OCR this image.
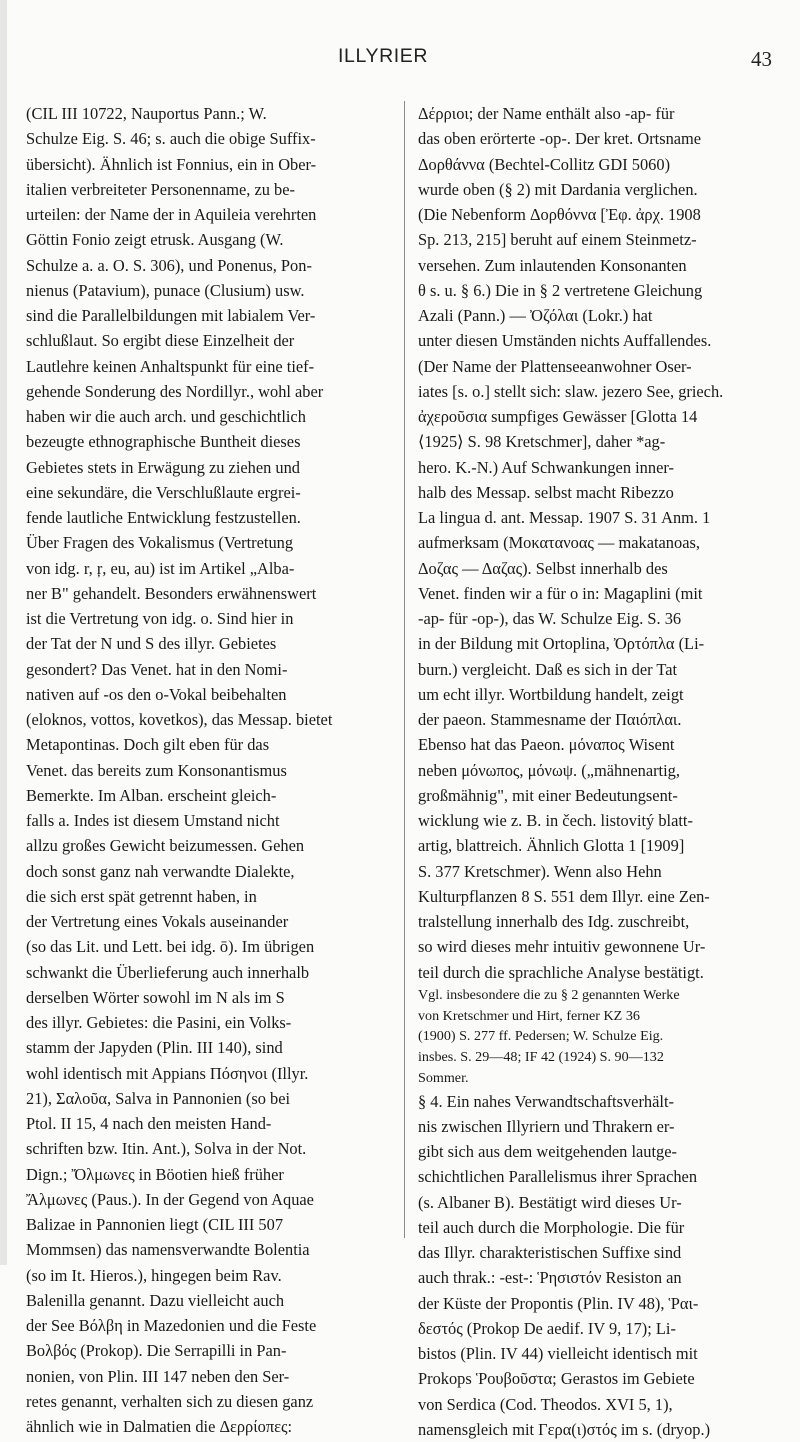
ILLYRIER	43
(CIL III 10722, Nauportus Pann.; W.
Schulze Eig. S. 46; s. auch die obige Suffix-
übersicht). Ähnlich ist Fonnius, ein in Ober-
italien verbreiteter Personenname, zu be-
urteilen: der Name der in Aquileia verehrten
Göttin Fonio zeigt etrusk. Ausgang (W.
Schulze a. a. O. S. 306), und Ponenus, Pon-
nienus (Patavium), punace (Clusium) usw.
sind die Parallelbildungen mit labialem Ver-
schlußlaut. So ergibt diese Einzelheit der
Lautlehre keinen Anhaltspunkt für eine tief-
gehende Sonderung des Nordillyr., wohl aber
haben wir die auch arch. und geschichtlich
bezeugte ethnographische Buntheit dieses
Gebietes stets in Erwägung zu ziehen und
eine sekundäre, die Verschlußlaute ergrei-
fende lautliche Entwicklung festzustellen.
Über Fragen des Vokalismus (Vertretung
von idg. r, ŗ, eu, au) ist im Artikel „Alba-
ner B" gehandelt. Besonders erwähnenswert
ist die Vertretung von idg. o. Sind hier in
der Tat der N und S des illyr. Gebietes
gesondert? Das Venet. hat in den Nomi-
nativen auf -os den o-Vokal beibehalten
(eloknos, vottos, kovetkos), das Messap. bietet
Metapontinas. Doch gilt eben für das
Venet. das bereits zum Konsonantismus
Bemerkte. Im Alban. erscheint gleich-
falls a. Indes ist diesem Umstand nicht
allzu großes Gewicht beizumessen. Gehen
doch sonst ganz nah verwandte Dialekte,
die sich erst spät getrennt haben, in
der Vertretung eines Vokals auseinander
(so das Lit. und Lett. bei idg. ō). Im übrigen
schwankt die Überlieferung auch innerhalb
derselben Wörter sowohl im N als im S
des illyr. Gebietes: die Pasini, ein Volks-
stamm der Japyden (Plin. III 140), sind
wohl identisch mit Appians Πόσηνοι (Illyr.
21), Σαλοῦα, Salva in Pannonien (so bei
Ptol. II 15, 4 nach den meisten Hand-
schriften bzw. Itin. Ant.), Solva in der Not.
Dign.; Ὄλμωνες in Böotien hieß früher
Ἄλμωνες (Paus.). In der Gegend von Aquae
Balizae in Pannonien liegt (CIL III 507
Mommsen) das namensverwandte Bolentia
(so im It. Hieros.), hingegen beim Rav.
Balenilla genannt. Dazu vielleicht auch
der See Βόλβη in Mazedonien und die Feste
Βολβός (Prokop). Die Serrapilli in Pan-
nonien, von Plin. III 147 neben den Ser-
retes genannt, verhalten sich zu diesen ganz
ähnlich wie in Dalmatien die Δερρίοπες:
Δέρριοι; der Name enthält also -ap- für
das oben erörterte -op-. Der kret. Ortsname
Δορθάννα (Bechtel-Collitz GDI 5060)
wurde oben (§ 2) mit Dardania verglichen.
(Die Nebenform Δορθόννα [Ἐφ. ἀρχ. 1908
Sp. 213, 215] beruht auf einem Steinmetz-
versehen. Zum inlautenden Konsonanten
θ s. u. § 6.) Die in § 2 vertretene Gleichung
Azali (Pann.) — Ὀζόλαι (Lokr.) hat
unter diesen Umständen nichts Auffallendes.
(Der Name der Plattenseeanwohner Oser-
iates [s. o.] stellt sich: slaw. jezero See, griech.
ἀχεροῦσια sumpfiges Gewässer [Glotta 14
⟨1925⟩ S. 98 Kretschmer], daher *ag-
hero. K.-N.) Auf Schwankungen inner-
halb des Messap. selbst macht Ribezzo
La lingua d. ant. Messap. 1907 S. 31 Anm. 1
aufmerksam (Μοκατανοας — makatanoas,
Δοζας — Δαζας). Selbst innerhalb des
Venet. finden wir a für o in: Magaplini (mit
-ap- für -op-), das W. Schulze Eig. S. 36
in der Bildung mit Ortoplina, Ὀρτόπλα (Li-
burn.) vergleicht. Daß es sich in der Tat
um echt illyr. Wortbildung handelt, zeigt
der paeon. Stammesname der Παιόπλαι.
Ebenso hat das Paeon. μόναπος Wisent
neben μόνωπος, μόνωψ. („mähnenartig,
großmähnig", mit einer Bedeutungsent-
wicklung wie z. B. in čech. listovitý blatt-
artig, blattreich. Ähnlich Glotta 1 [1909]
S. 377 Kretschmer). Wenn also Hehn
Kulturpflanzen 8 S. 551 dem Illyr. eine Zen-
tralstellung innerhalb des Idg. zuschreibt,
so wird dieses mehr intuitiv gewonnene Ur-
teil durch die sprachliche Analyse bestätigt.
Vgl. insbesondere die zu § 2 genannten Werke
von Kretschmer und Hirt, ferner KZ 36
(1900) S. 277 ff. Pedersen; W. Schulze Eig.
insbes. S. 29—48; IF 42 (1924) S. 90—132
Sommer.
§ 4. Ein nahes Verwandtschaftsverhält-
nis zwischen Illyriern und Thrakern er-
gibt sich aus dem weitgehenden lautge-
schichtlichen Parallelismus ihrer Sprachen
(s. Albaner B). Bestätigt wird dieses Ur-
teil auch durch die Morphologie. Die für
das Illyr. charakteristischen Suffixe sind
auch thrak.: -est-: Ῥησιστόν Resiston an
der Küste der Propontis (Plin. IV 48), Ῥαι-
δεστός (Prokop De aedif. IV 9, 17); Li-
bistos (Plin. IV 44) vielleicht identisch mit
Prokops Ῥουβοῦστα; Gerastos im Gebiete
von Serdica (Cod. Theodos. XVI 5, 1),
namensgleich mit Γερα(ι)στός im s. (dryop.)
